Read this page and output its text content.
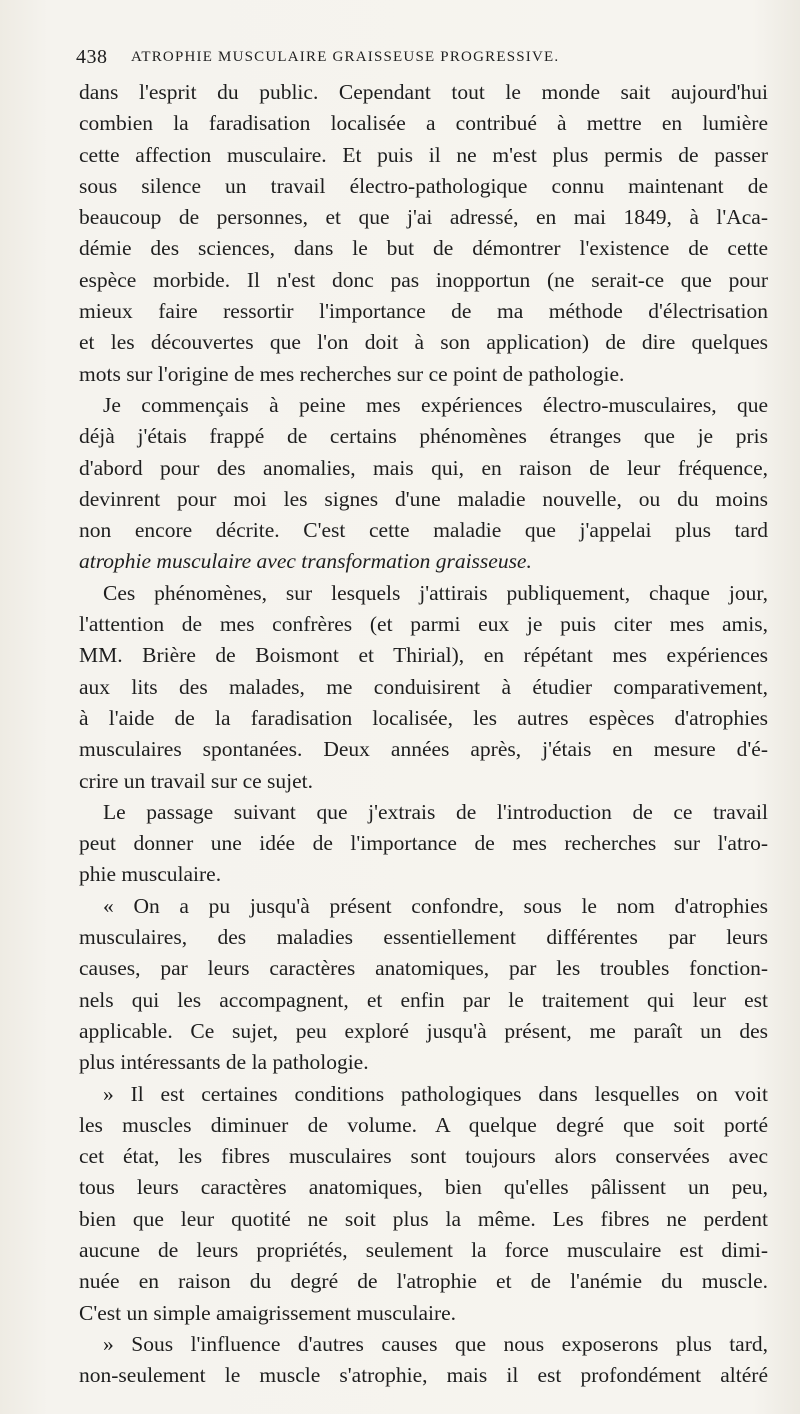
438 ATROPHIE MUSCULAIRE GRAISSEUSE PROGRESSIVE.
dans l'esprit du public. Cependant tout le monde sait aujourd'hui
combien la faradisation localisée a contribué à mettre en lumière
cette affection musculaire. Et puis il ne m'est plus permis de passer
sous silence un travail électro-pathologique connu maintenant de
beaucoup de personnes, et que j'ai adressé, en mai 1849, à l'Aca-
démie des sciences, dans le but de démontrer l'existence de cette
espèce morbide. Il n'est donc pas inopportun (ne serait-ce que pour
mieux faire ressortir l'importance de ma méthode d'électrisation
et les découvertes que l'on doit à son application) de dire quelques
mots sur l'origine de mes recherches sur ce point de pathologie.
Je commençais à peine mes expériences électro-musculaires, que
déjà j'étais frappé de certains phénomènes étranges que je pris
d'abord pour des anomalies, mais qui, en raison de leur fréquence,
devinrent pour moi les signes d'une maladie nouvelle, ou du moins
non encore décrite. C'est cette maladie que j'appelai plus tard
atrophie musculaire avec transformation graisseuse.
Ces phénomènes, sur lesquels j'attirais publiquement, chaque jour,
l'attention de mes confrères (et parmi eux je puis citer mes amis,
MM. Brière de Boismont et Thirial), en répétant mes expériences
aux lits des malades, me conduisirent à étudier comparativement,
à l'aide de la faradisation localisée, les autres espèces d'atrophies
musculaires spontanées. Deux années après, j'étais en mesure d'é-
crire un travail sur ce sujet.
Le passage suivant que j'extrais de l'introduction de ce travail
peut donner une idée de l'importance de mes recherches sur l'atro-
phie musculaire.
« On a pu jusqu'à présent confondre, sous le nom d'atrophies
musculaires, des maladies essentiellement différentes par leurs
causes, par leurs caractères anatomiques, par les troubles fonction-
nels qui les accompagnent, et enfin par le traitement qui leur est
applicable. Ce sujet, peu exploré jusqu'à présent, me paraît un des
plus intéressants de la pathologie.
» Il est certaines conditions pathologiques dans lesquelles on voit
les muscles diminuer de volume. A quelque degré que soit porté
cet état, les fibres musculaires sont toujours alors conservées avec
tous leurs caractères anatomiques, bien qu'elles pâlissent un peu,
bien que leur quotité ne soit plus la même. Les fibres ne perdent
aucune de leurs propriétés, seulement la force musculaire est dimi-
nuée en raison du degré de l'atrophie et de l'anémie du muscle.
C'est un simple amaigrissement musculaire.
» Sous l'influence d'autres causes que nous exposerons plus tard,
non-seulement le muscle s'atrophie, mais il est profondément altéré
